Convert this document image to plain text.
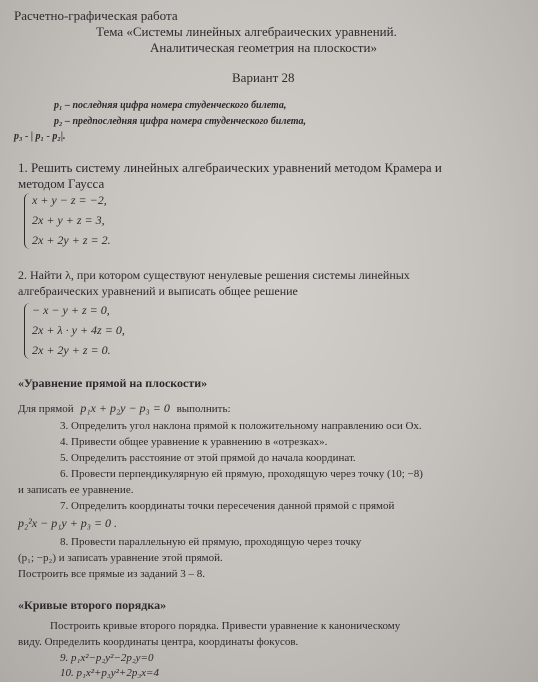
Расчетно-графическая работа
Тема «Системы линейных алгебраических уравнений.
Аналитическая геометрия на плоскости»
Вариант 28
p₁ – последняя цифра номера студенческого билета,
p₂ – предпоследняя цифра номера студенческого билета,
p₃ - | p₁ - p₂|.
1. Решить систему линейных алгебраических уравнений методом Крамера и
методом Гаусса
x + y − z = −2,
2x + y + z = 3,
2x + 2y + z = 2.
2. Найти λ, при котором существуют ненулевые решения системы линейных
алгебраических уравнений и выписать общее решение
− x − y + z = 0,
2x + λ · y + 4z = 0,
2x + 2y + z = 0.
«Уравнение прямой на плоскости»
Для прямой p₁x + p₂y − p₃ = 0 выполнить:
3. Определить угол наклона прямой к положительному направлению оси Ox.
4. Привести общее уравнение к уравнению в «отрезках».
5. Определить расстояние от этой прямой до начала координат.
6. Провести перпендикулярную ей прямую, проходящую через точку (10; −8)
и записать ее уравнение.
7. Определить координаты точки пересечения данной прямой с прямой
p₂²x − p₁y + p₃ = 0 .
8. Провести параллельную ей прямую, проходящую через точку
(p₁; −p₂) и записать уравнение этой прямой.
Построить все прямые из заданий 3 – 8.
«Кривые второго порядка»
Построить кривые второго порядка. Привести уравнение к каноническому
виду. Определить координаты центра, координаты фокусов.
9. p₁x²−p₂y²−2p₂y=0
10. p₁x²+p₃y²+2p₃x=4
